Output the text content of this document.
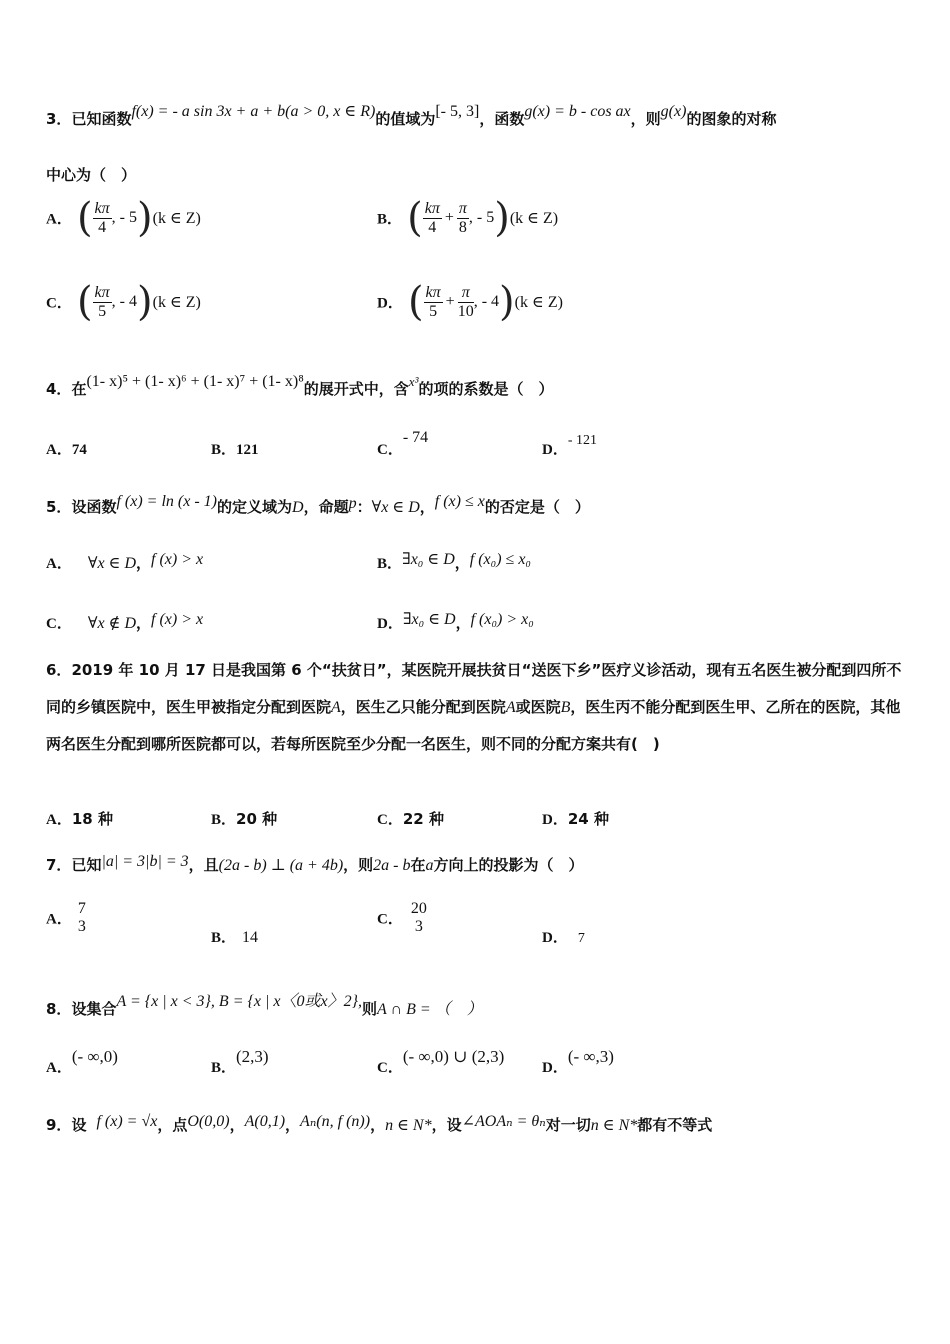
3．已知函数f(x) = - a sin 3x + a + b(a > 0, x ∈ R)的值域为[- 5, 3]，函数g(x) = b - cos ax，则g(x)的图象的对称
中心为（　）
A． ( $\frac{k\pi}{4}$ , - 5)(k ∈ Z)	B． ( $\frac{k\pi}{4} + \frac{\pi}{8}$ , - 5)(k ∈ Z)
C． ( $\frac{k\pi}{5}$ , - 4)(k ∈ Z)	D． ( $\frac{k\pi}{5} + \frac{\pi}{10}$ , - 4)(k ∈ Z)
4．在(1- x)⁵ + (1- x)⁶ + (1- x)⁷ + (1- x)⁸的展开式中，含$^{x^3}$的项的系数是（　）
A．74	B．121	C．- 74
D．- 121
5．设函数f (x) = ln (x - 1)的定义域为D，命题p：∀x ∈ D，f (x) ≤ x的否定是（　）
A． ∀x ∈ D，f (x) > x	B．∃x₀ ∈ D，f (x₀) ≤ x₀
C． ∀x ∉ D，f (x) > x	D．∃x₀ ∈ D，f (x₀) > x₀
6．2019 年 10 月 17 日是我国第 6 个“扶贫日”，某医院开展扶贫日“送医下乡”医疗义诊活动，现有五名医生被分配到四所不同的乡镇医院中，医生甲被指定分配到医院A，医生乙只能分配到医院A或医院B，医生丙不能分配到医生甲、乙所在的医院，其他两名医生分配到哪所医院都可以，若每所医院至少分配一名医生，则不同的分配方案共有(　)
A．18 种	B．20 种	C．22 种	D．24 种
7．已知|a| = 3|b| = 3，且(2a - b) ⊥ (a + 4b)，则2a - b在a方向上的投影为（　）
A．
7
3
B． 14
C．
20
3
D． 7
8．设集合A = {x | x < 3}, B = {x | x〈0或x〉2},则A ∩ B = （　）
A．(- ∞,0)
B．(2,3)
C．(- ∞,0) ∪ (2,3)
D．(- ∞,3)
9．设 f (x) = √x，点O(0,0)，A(0,1)，Aₙ(n, f (n))，n ∈ N*，设∠AOAₙ = θₙ对一切n ∈ N*都有不等式
